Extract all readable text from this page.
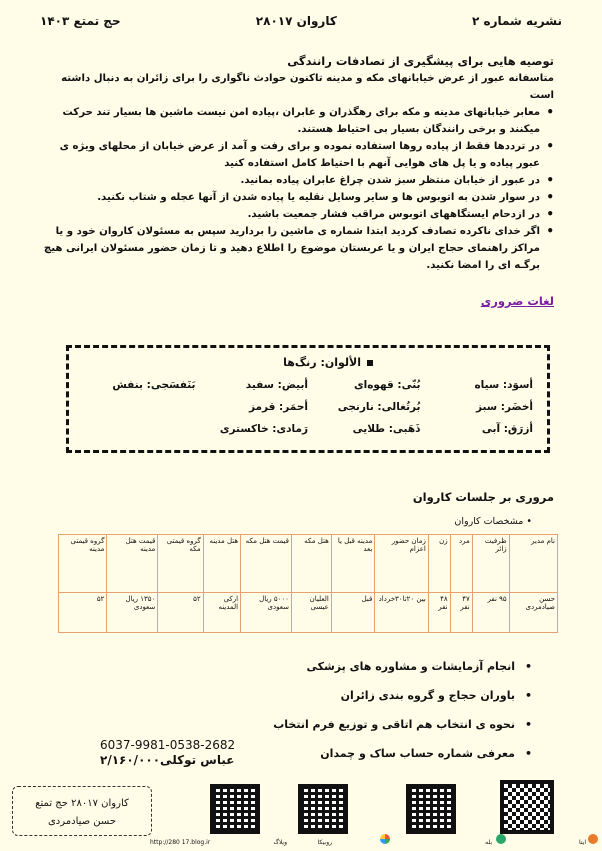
نشریه شماره ۲
کاروان ۲۸۰۱۷
حج تمتع ۱۴۰۳
توصیه هایی برای پیشگیری از تصادفات رانندگی
متاسفانه عبور از عرض خیابانهای مکه و مدینه تاکنون حوادث ناگواری را برای زائران به دنبال داشته است
• معابر خیابانهای مدینه و مکه برای رهگذران و عابران ،پیاده امن نیست ماشین ها بسیار تند حرکت میکنند و برخی رانندگان بسیار بی احتیاط هستند.
• در ترددها فقط از پیاده روها استفاده نموده و برای رفت و آمد از عرض خیابان از محلهای ویژه ی عبور پیاده و یا پل های هوایی آنهم با احتیاط کامل استفاده کنید
• در عبور از خیابان منتظر سبز شدن چراغ عابران پیاده بمانید.
• در سوار شدن به اتوبوس ها و سایر وسایل نقلیه یا پیاده شدن از آنها عجله و شتاب نکنید.
• در ازدحام ایستگاههای اتوبوس مراقب فشار جمعیت باشید.
• اگر خدای ناکرده تصادف کردید ابتدا شماره ی ماشین را بردارید سپس به مسئولان کاروان خود و یا مراکز راهنمای حجاج ایران و یا عربستان موضوع را اطلاع دهید و تا زمان حضور مسئولان ایرانی هیچ برگـه ای را امضا نکنید.
لغات ضروری
الألوان: رنگ‌ها
أسوَد: سیاه
بُنّی: قهوه‌ای
أبیض: سفید
بَنَفسَجی: بنفش
أخضَر: سبز
بُرتُغالی: نارنجی
أحمَر: قرمز
أزرَق: آبی
ذَهَبی: طلایی
رَمادی: خاکستری
مروری بر جلسات کاروان
• مشخصات کاروان
نام مدیر	ظرفیت زائر	مرد	زن	زمان حضور اعزام	مدینه قبل یا بعد	هتل مکه	قیمت هتل مکه	هتل مدینه	گروه قیمتی مکه	قیمت هتل مدینه	گروه قیمتی مدینه
حسن صیادمردی	۹۵ نفر	۴۷ نفر	۴۸ نفر	بین ۲۰تا۳۰خرداد	قبل	العلیان عیسی	۵۰۰۰ ریال سعودی	ارکی المدینه	۵۲	۱۳۵۰ ریال سعودی	۵۲
• انجام آزمایشات و مشاوره های پزشکی
• باوران حجاج و گروه بندی زائران
• نحوه ی انتخاب هم اتاقی و توزیع فرم انتخاب
• معرفی شماره حساب ساک و چمدان
6037-9981-0538-2682
عباس توکلی۲/۱۶۰/۰۰۰
کاروان ۲۸۰۱۷ حج تمتع
حسن صیادمردی
http://280 17.blog.ir	ایتا
بله
روبیکا
ویلاگ
